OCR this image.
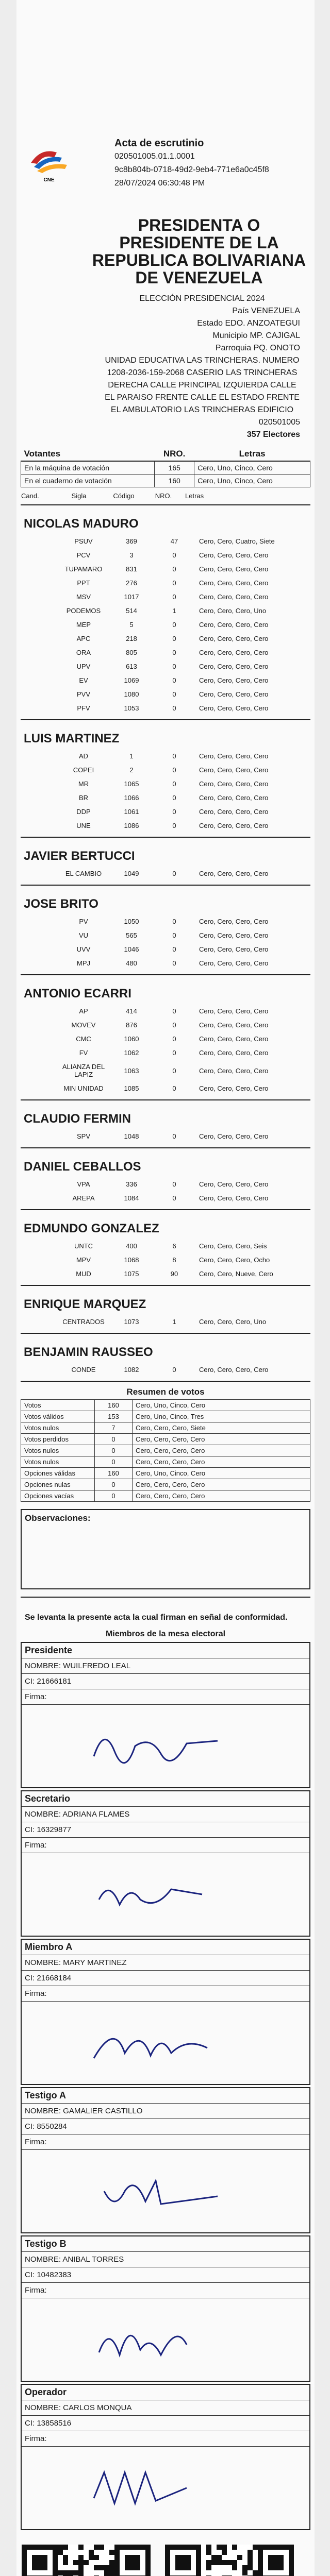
CNE
Acta de escrutinio
020501005.01.1.0001
9c8b804b-0718-49d2-9eb4-771e6a0c45f8
28/07/2024 06:30:48 PM
PRESIDENTA O PRESIDENTE DE LA REPUBLICA BOLIVARIANA DE VENEZUELA
ELECCIÓN PRESIDENCIAL 2024
País VENEZUELA
Estado EDO. ANZOATEGUI
Municipio MP. CAJIGAL
Parroquia PQ. ONOTO
UNIDAD EDUCATIVA LAS TRINCHERAS. NUMERO 1208-2036-159-2068 CASERIO LAS TRINCHERAS DERECHA CALLE PRINCIPAL IZQUIERDA CALLE EL PARAISO FRENTE CALLE EL ESTADO FRENTE EL AMBULATORIO LAS TRINCHERAS EDIFICIO
020501005
357 Electores
Votantes	NRO.	Letras
En la máquina de votación	165	Cero, Uno, Cinco, Cero
En el cuaderno de votación	160	Cero, Uno, Cinco, Cero
Cand.	Sigla	Código	NRO.	Letras
NICOLAS MADURO
	PSUV	369	47	Cero, Cero, Cuatro, Siete
	PCV	3	0	Cero, Cero, Cero, Cero
	TUPAMARO	831	0	Cero, Cero, Cero, Cero
	PPT	276	0	Cero, Cero, Cero, Cero
	MSV	1017	0	Cero, Cero, Cero, Cero
	PODEMOS	514	1	Cero, Cero, Cero, Uno
	MEP	5	0	Cero, Cero, Cero, Cero
	APC	218	0	Cero, Cero, Cero, Cero
	ORA	805	0	Cero, Cero, Cero, Cero
	UPV	613	0	Cero, Cero, Cero, Cero
	EV	1069	0	Cero, Cero, Cero, Cero
	PVV	1080	0	Cero, Cero, Cero, Cero
	PFV	1053	0	Cero, Cero, Cero, Cero
LUIS MARTINEZ
	AD	1	0	Cero, Cero, Cero, Cero
	COPEI	2	0	Cero, Cero, Cero, Cero
	MR	1065	0	Cero, Cero, Cero, Cero
	BR	1066	0	Cero, Cero, Cero, Cero
	DDP	1061	0	Cero, Cero, Cero, Cero
	UNE	1086	0	Cero, Cero, Cero, Cero
JAVIER BERTUCCI
	EL CAMBIO	1049	0	Cero, Cero, Cero, Cero
JOSE BRITO
	PV	1050	0	Cero, Cero, Cero, Cero
	VU	565	0	Cero, Cero, Cero, Cero
	UVV	1046	0	Cero, Cero, Cero, Cero
	MPJ	480	0	Cero, Cero, Cero, Cero
ANTONIO ECARRI
	AP	414	0	Cero, Cero, Cero, Cero
	MOVEV	876	0	Cero, Cero, Cero, Cero
	CMC	1060	0	Cero, Cero, Cero, Cero
	FV	1062	0	Cero, Cero, Cero, Cero
	ALIANZA DEL LAPIZ	1063	0	Cero, Cero, Cero, Cero
	MIN UNIDAD	1085	0	Cero, Cero, Cero, Cero
CLAUDIO FERMIN
	SPV	1048	0	Cero, Cero, Cero, Cero
DANIEL CEBALLOS
	VPA	336	0	Cero, Cero, Cero, Cero
	AREPA	1084	0	Cero, Cero, Cero, Cero
EDMUNDO GONZALEZ
	UNTC	400	6	Cero, Cero, Cero, Seis
	MPV	1068	8	Cero, Cero, Cero, Ocho
	MUD	1075	90	Cero, Cero, Nueve, Cero
ENRIQUE MARQUEZ
	CENTRADOS	1073	1	Cero, Cero, Cero, Uno
BENJAMIN RAUSSEO
	CONDE	1082	0	Cero, Cero, Cero, Cero
Resumen de votos
Votos	160	Cero, Uno, Cinco, Cero
Votos válidos	153	Cero, Uno, Cinco, Tres
Votos nulos	7	Cero, Cero, Cero, Siete
Votos perdidos	0	Cero, Cero, Cero, Cero
Votos nulos	0	Cero, Cero, Cero, Cero
Votos nulos	0	Cero, Cero, Cero, Cero
Opciones válidas	160	Cero, Uno, Cinco, Cero
Opciones nulas	0	Cero, Cero, Cero, Cero
Opciones vacías	0	Cero, Cero, Cero, Cero
Observaciones:
Se levanta la presente acta la cual firman en señal de conformidad.
Miembros de la mesa electoral
Presidente
NOMBRE: WUILFREDO LEAL
CI: 21666181
Firma:
Secretario
NOMBRE: ADRIANA FLAMES
CI: 16329877
Firma:
Miembro A
NOMBRE: MARY MARTINEZ
CI: 21668184
Firma:
Testigo A
NOMBRE: GAMALIER CASTILLO
CI: 8550284
Firma:
Testigo B
NOMBRE: ANIBAL TORRES
CI: 10482383
Firma:
Operador
NOMBRE: CARLOS MONQUA
CI: 13858516
Firma:
